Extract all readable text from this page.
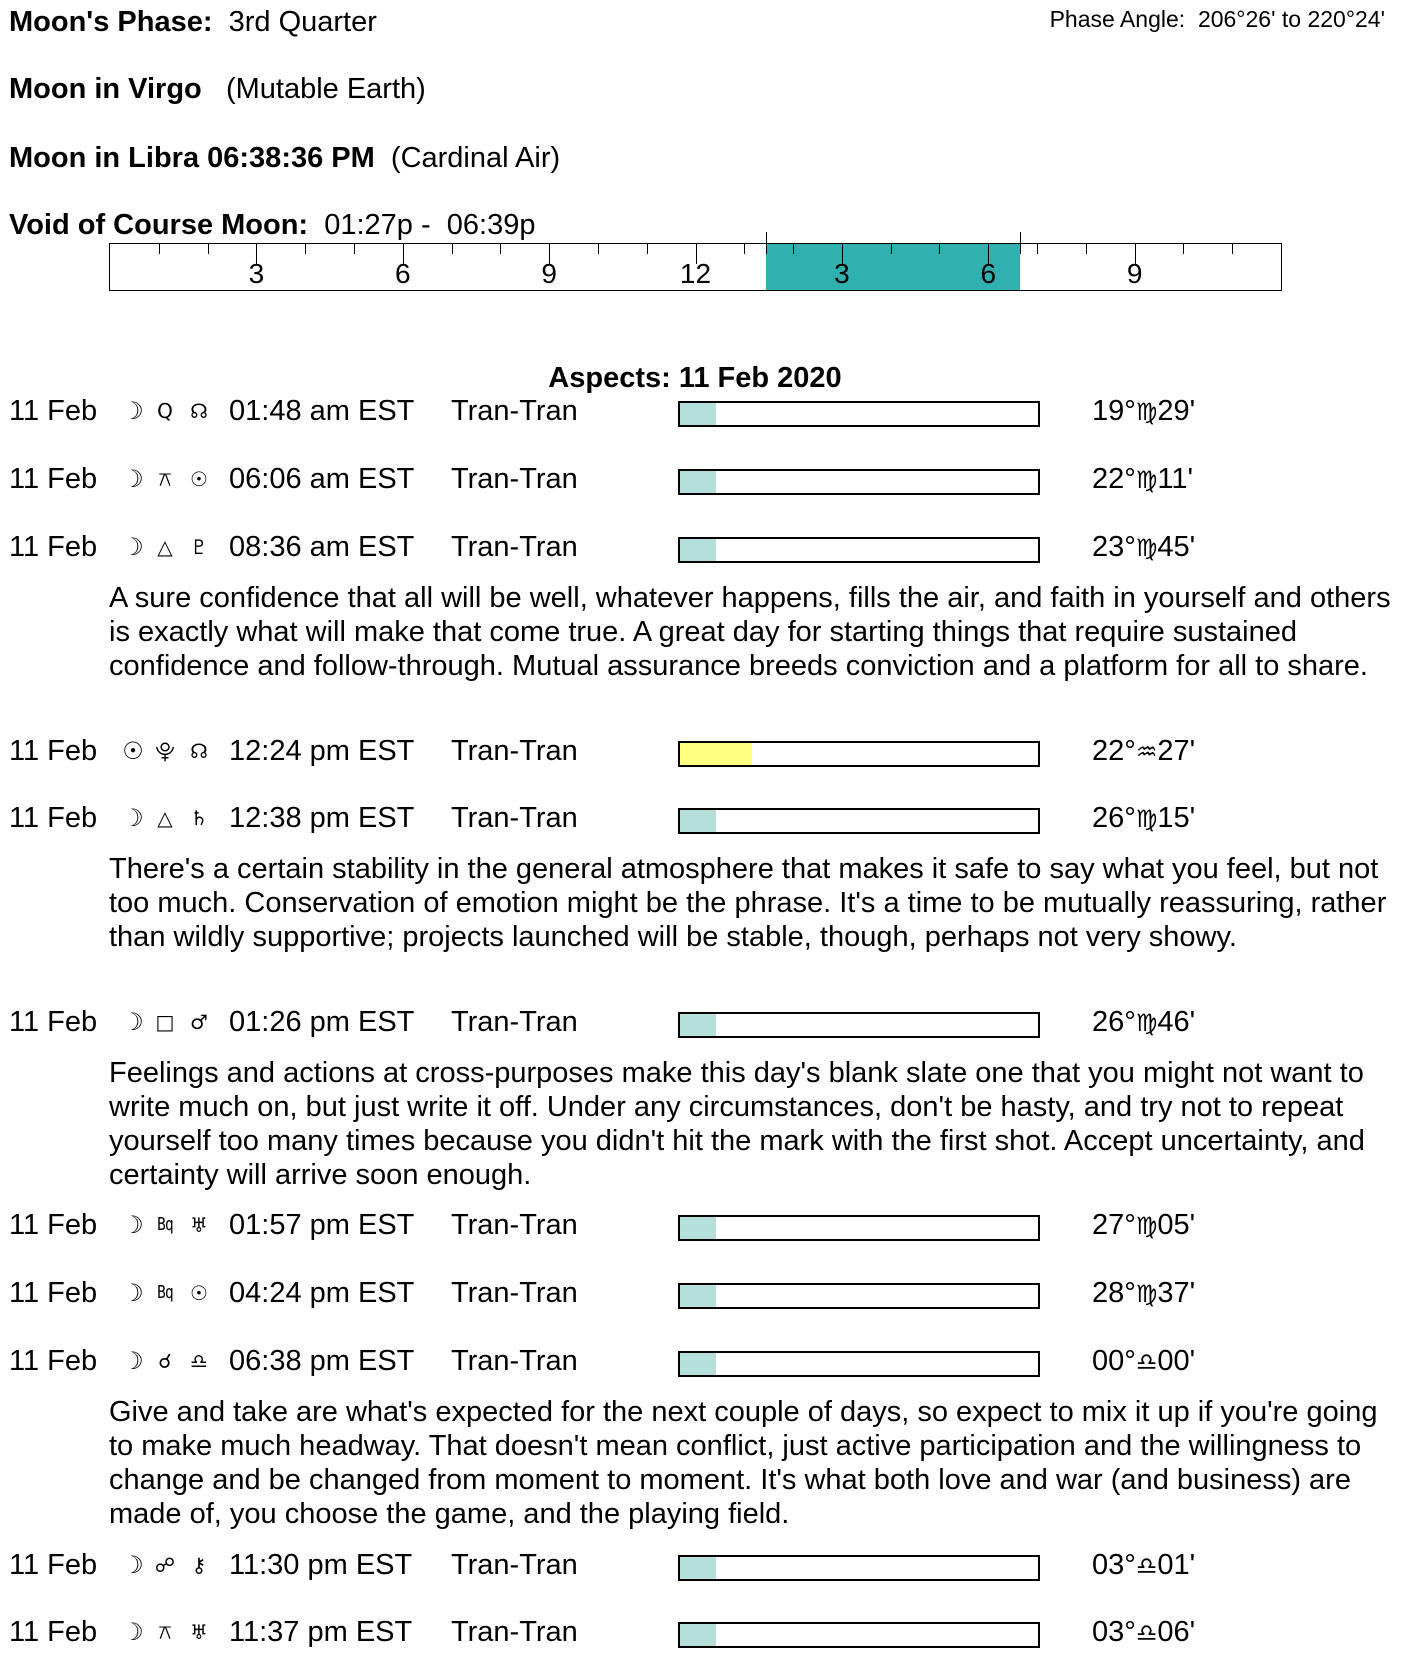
Moon's Phase: 3rd Quarter	Phase Angle: 206°26' to 220°24'
Moon in Virgo (Mutable Earth)
Moon in Libra 06:38:36 PM (Cardinal Air)
Void of Course Moon: 01:27p - 06:39p
3	6	9	12	3	6	9
Aspects: 11 Feb 2020
11 Feb ☽ Q ☊ 01:48 am EST Tran-Tran	19°♍29'
11 Feb ☽ ⚻ ☉ 06:06 am EST Tran-Tran	22°♍11'
11 Feb ☽ △ ♇ 08:36 am EST Tran-Tran	23°♍45'
A sure confidence that all will be well, whatever happens, fills the air, and faith in yourself and others is exactly what will make that come true. A great day for starting things that require sustained confidence and follow-through. Mutual assurance breeds conviction and a platform for all to share.
11 Feb ☉ ⯓ ☊ 12:24 pm EST Tran-Tran	22°♒27'
11 Feb ☽ △ ♄ 12:38 pm EST Tran-Tran	26°♍15'
There's a certain stability in the general atmosphere that makes it safe to say what you feel, but not too much. Conservation of emotion might be the phrase. It's a time to be mutually reassuring, rather than wildly supportive; projects launched will be stable, though, perhaps not very showy.
11 Feb ☽ □ ♂ 01:26 pm EST Tran-Tran	26°♍46'
Feelings and actions at cross-purposes make this day's blank slate one that you might not want to write much on, but just write it off. Under any circumstances, don't be hasty, and try not to repeat yourself too many times because you didn't hit the mark with the first shot. Accept uncertainty, and certainty will arrive soon enough.
11 Feb ☽ Bq ♅ 01:57 pm EST Tran-Tran	27°♍05'
11 Feb ☽ Bq ☉ 04:24 pm EST Tran-Tran	28°♍37'
11 Feb ☽ ☌ ♎ 06:38 pm EST Tran-Tran	00°♎00'
Give and take are what's expected for the next couple of days, so expect to mix it up if you're going to make much headway. That doesn't mean conflict, just active participation and the willingness to change and be changed from moment to moment. It's what both love and war (and business) are made of, you choose the game, and the playing field.
11 Feb ☽ ☍ ⚷ 11:30 pm EST Tran-Tran	03°♎01'
11 Feb ☽ ⚻ ♅ 11:37 pm EST Tran-Tran	03°♎06'
